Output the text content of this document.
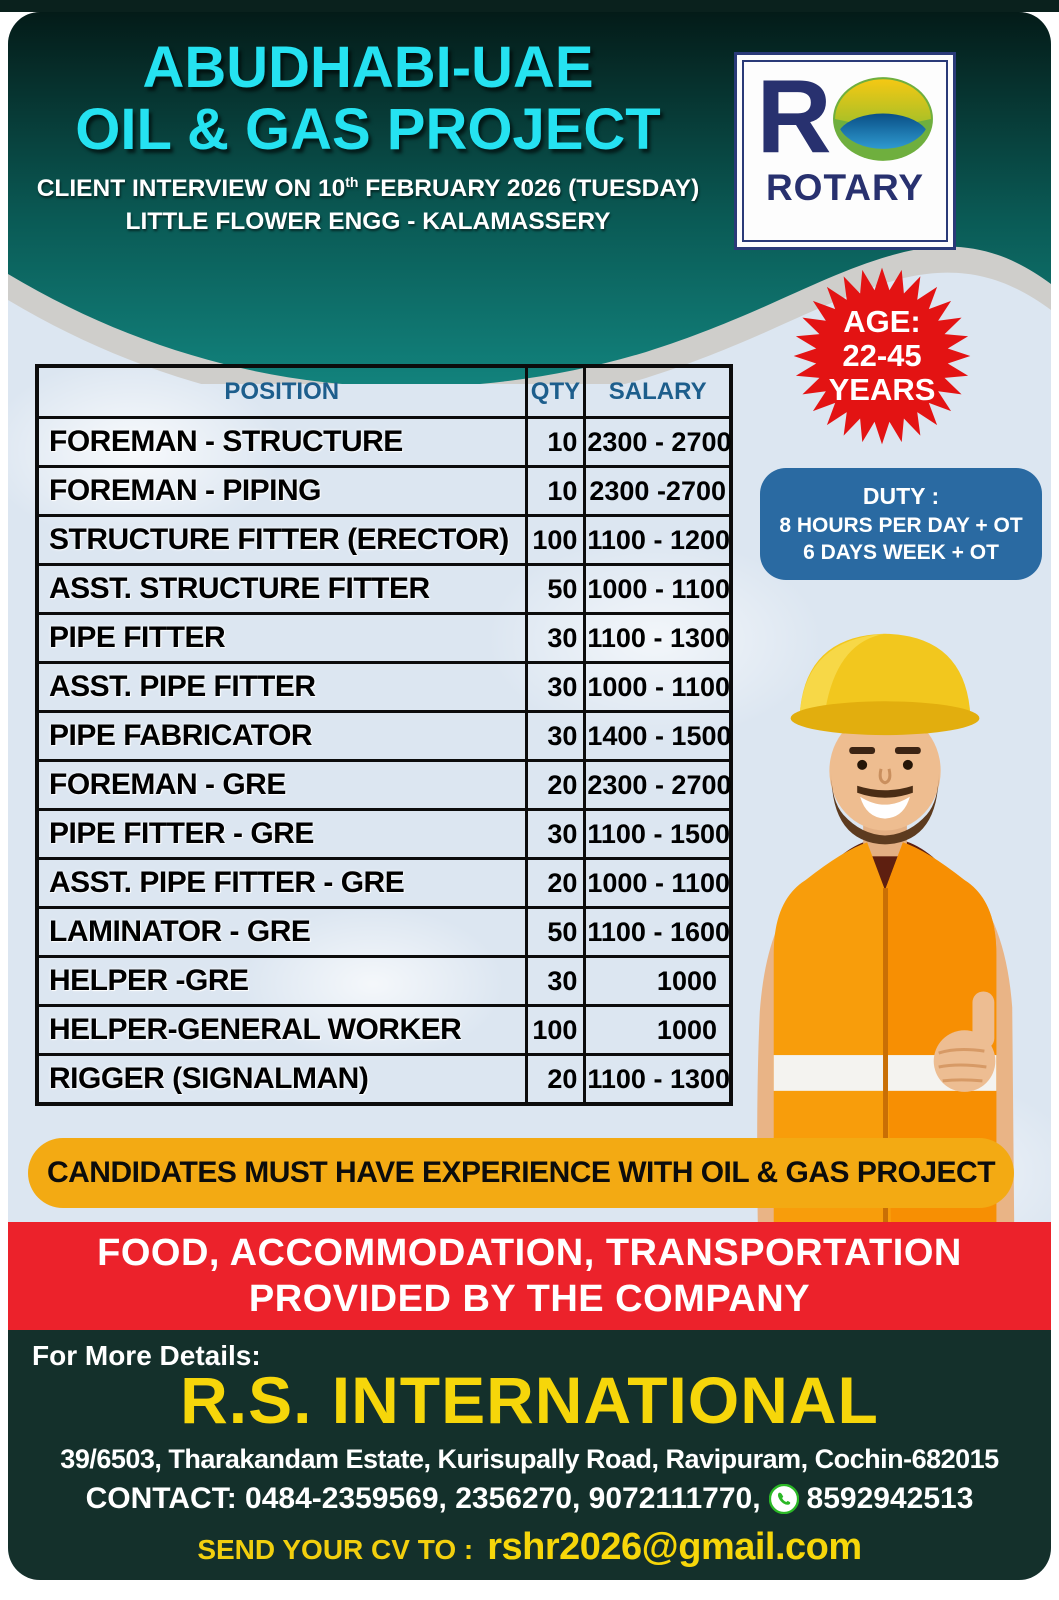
ABUDHABI-UAE
OIL & GAS PROJECT
CLIENT INTERVIEW ON 10th FEBRUARY 2026 (TUESDAY)
LITTLE FLOWER ENGG - KALAMASSERY
R
ROTARY
AGE:
22-45
YEARS
DUTY :
8 HOURS PER DAY + OT
6 DAYS WEEK + OT
POSITION	QTY	SALARY
FOREMAN - STRUCTURE	10	2300 - 2700
FOREMAN - PIPING	10	2300 -2700
STRUCTURE FITTER (ERECTOR)	100	1100 - 1200
ASST. STRUCTURE FITTER	50	1000 - 1100
PIPE FITTER	30	1100 - 1300
ASST. PIPE FITTER	30	1000 - 1100
PIPE FABRICATOR	30	1400 - 1500
FOREMAN - GRE	20	2300 - 2700
PIPE FITTER - GRE	30	1100 - 1500
ASST. PIPE FITTER - GRE	20	1000 - 1100
LAMINATOR - GRE	50	1100 - 1600
HELPER -GRE	30	1000
HELPER-GENERAL WORKER	100	1000
RIGGER (SIGNALMAN)	20	1100 - 1300
CANDIDATES MUST HAVE EXPERIENCE WITH OIL & GAS PROJECT
FOOD, ACCOMMODATION, TRANSPORTATION
PROVIDED BY THE COMPANY
For More Details:
R.S. INTERNATIONAL
39/6503, Tharakandam Estate, Kurisupally Road, Ravipuram, Cochin-682015
CONTACT: 0484-2359569, 2356270, 9072111770, 8592942513
SEND YOUR CV TO : rshr2026@gmail.com
